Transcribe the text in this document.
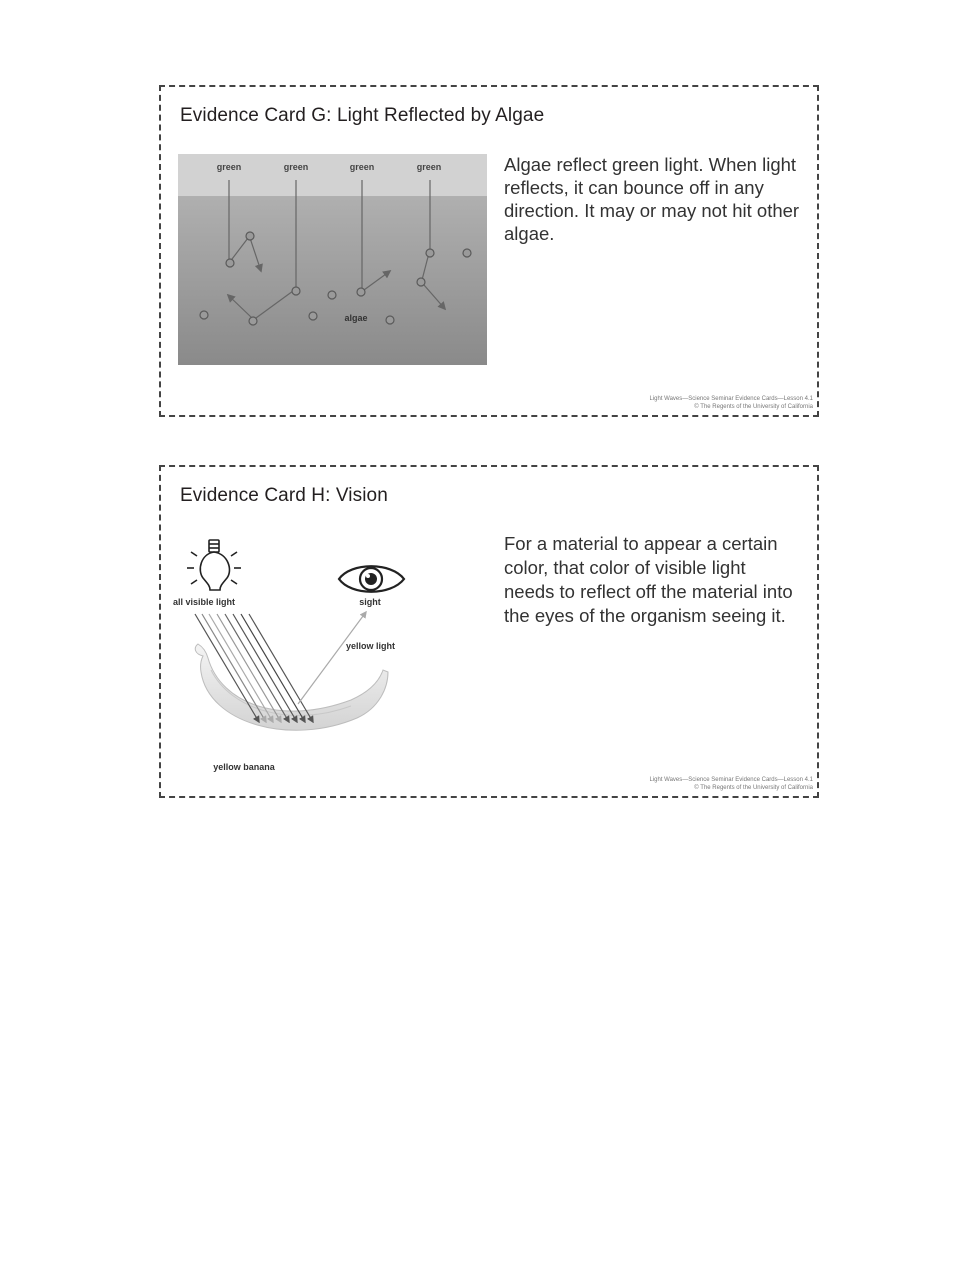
Evidence Card G: Light Reflected by Algae
green	green	green	green
algae

Algae reflect green light. When light reflects, it can bounce off in any direction. It may or may not hit other algae.

Light Waves—Science Seminar Evidence Cards—Lesson 4.1
© The Regents of the University of California
Evidence Card H: Vision
all visible light	sight
yellow light
yellow banana

For a material to appear a certain color, that color of visible light needs to reflect off the material into the eyes of the organism seeing it.

Light Waves—Science Seminar Evidence Cards—Lesson 4.1
© The Regents of the University of California
